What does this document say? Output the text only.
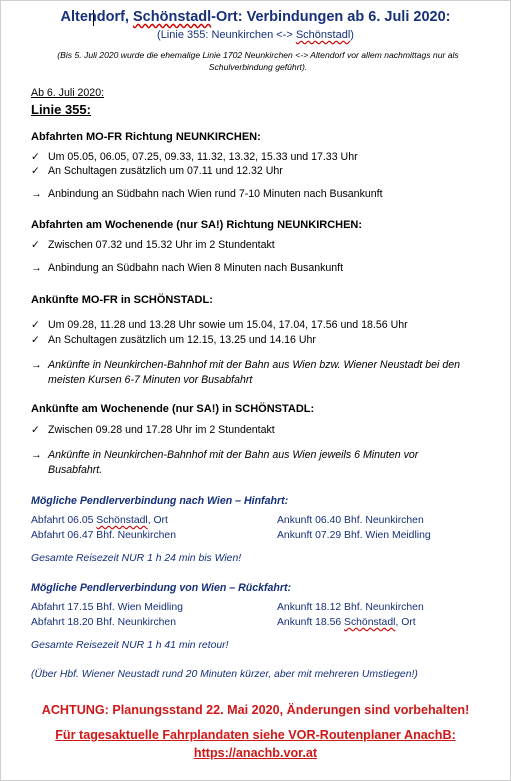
Altendorf, Schönstadl-Ort: Verbindungen ab 6. Juli 2020:
(Linie 355: Neunkirchen <-> Schönstadl)
(Bis 5. Juli 2020 wurde die ehemalige Linie 1702 Neunkirchen <-> Altendorf vor allem nachmittags nur als Schulverbindung geführt).
Ab 6. Juli 2020:
Linie 355:
Abfahrten MO-FR Richtung NEUNKIRCHEN:
✓ Um 05.05, 06.05, 07.25, 09.33, 11.32, 13.32, 15.33 und 17.33 Uhr
✓ An Schultagen zusätzlich um 07.11 und 12.32 Uhr
→ Anbindung an Südbahn nach Wien rund 7-10 Minuten nach Busankunft
Abfahrten am Wochenende (nur SA!) Richtung NEUNKIRCHEN:
✓ Zwischen 07.32 und 15.32 Uhr im 2 Stundentakt
→ Anbindung an Südbahn nach Wien 8 Minuten nach Busankunft
Ankünfte MO-FR in SCHÖNSTADL:
✓ Um 09.28, 11.28 und 13.28 Uhr sowie um 15.04, 17.04, 17.56 und 18.56 Uhr
✓ An Schultagen zusätzlich um 12.15, 13.25 und 14.16 Uhr
→ Ankünfte in Neunkirchen-Bahnhof mit der Bahn aus Wien bzw. Wiener Neustadt bei den
meisten Kursen 6-7 Minuten vor Busabfahrt
Ankünfte am Wochenende (nur SA!) in SCHÖNSTADL:
✓ Zwischen 09.28 und 17.28 Uhr im 2 Stundentakt
→ Ankünfte in Neunkirchen-Bahnhof mit der Bahn aus Wien jeweils 6 Minuten vor
Busabfahrt.
Mögliche Pendlerverbindung nach Wien – Hinfahrt:
Abfahrt 06.05 Schönstadl, Ort	Ankunft 06.40 Bhf. Neunkirchen
Abfahrt 06.47 Bhf. Neunkirchen	Ankunft 07.29 Bhf. Wien Meidling
Gesamte Reisezeit NUR 1 h 24 min bis Wien!
Mögliche Pendlerverbindung von Wien – Rückfahrt:
Abfahrt 17.15 Bhf. Wien Meidling	Ankunft 18.12 Bhf. Neunkirchen
Abfahrt 18.20 Bhf. Neunkirchen	Ankunft 18.56 Schönstadl, Ort
Gesamte Reisezeit NUR 1 h 41 min retour!
(Über Hbf. Wiener Neustadt rund 20 Minuten kürzer, aber mit mehreren Umstiegen!)
ACHTUNG: Planungsstand 22. Mai 2020, Änderungen sind vorbehalten!
Für tagesaktuelle Fahrplandaten siehe VOR-Routenplaner AnachB:
https://anachb.vor.at
